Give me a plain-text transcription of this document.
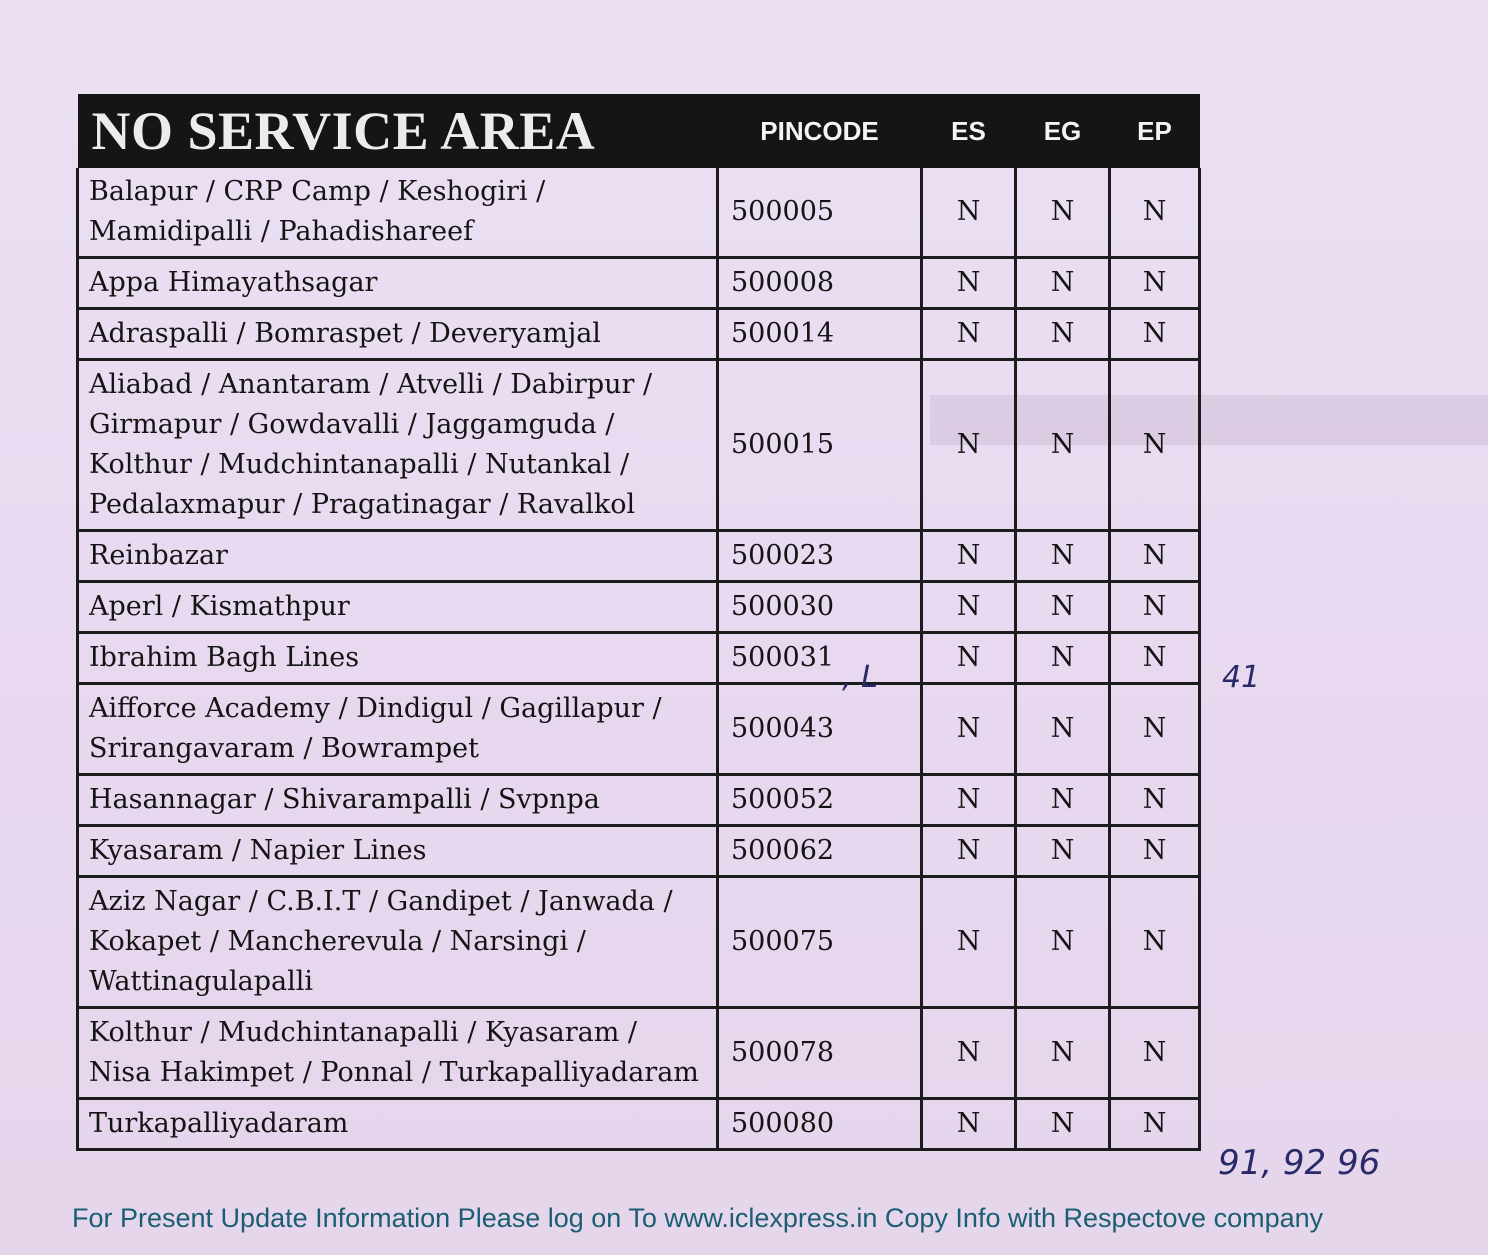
NO SERVICE AREA	PINCODE	ES	EG	EP

Balapur / CRP Camp / Keshogiri /
Mamidipalli / Pahadishareef	500005	N	N	N

Appa Himayathsagar	500008	N	N	N

Adraspalli / Bomraspet / Deveryamjal	500014	N	N	N

Aliabad / Anantaram / Atvelli / Dabirpur /
Girmapur / Gowdavalli / Jaggamguda /
Kolthur / Mudchintanapalli / Nutankal /
Pedalaxmapur / Pragatinagar / Ravalkol	500015	N	N	N

Reinbazar	500023	N	N	N

Aperl / Kismathpur	500030	N	N	N

Ibrahim Bagh Lines	500031	N	N	N

Aifforce Academy / Dindigul / Gagillapur /
Srirangavaram / Bowrampet	500043	N	N	N

Hasannagar / Shivarampalli / Svpnpa	500052	N	N	N

Kyasaram / Napier Lines	500062	N	N	N

Aziz Nagar / C.B.I.T / Gandipet / Janwada /
Kokapet / Mancherevula / Narsingi /
Wattinagulapalli	500075	N	N	N

Kolthur / Mudchintanapalli / Kyasaram /
Nisa Hakimpet / Ponnal / Turkapalliyadaram	500078	N	N	N

Turkapalliyadaram	500080	N	N	N
, L	41
91, 92 96
For Present Update Information Please log on To www.iclexpress.in Copy Info with Respectove company
